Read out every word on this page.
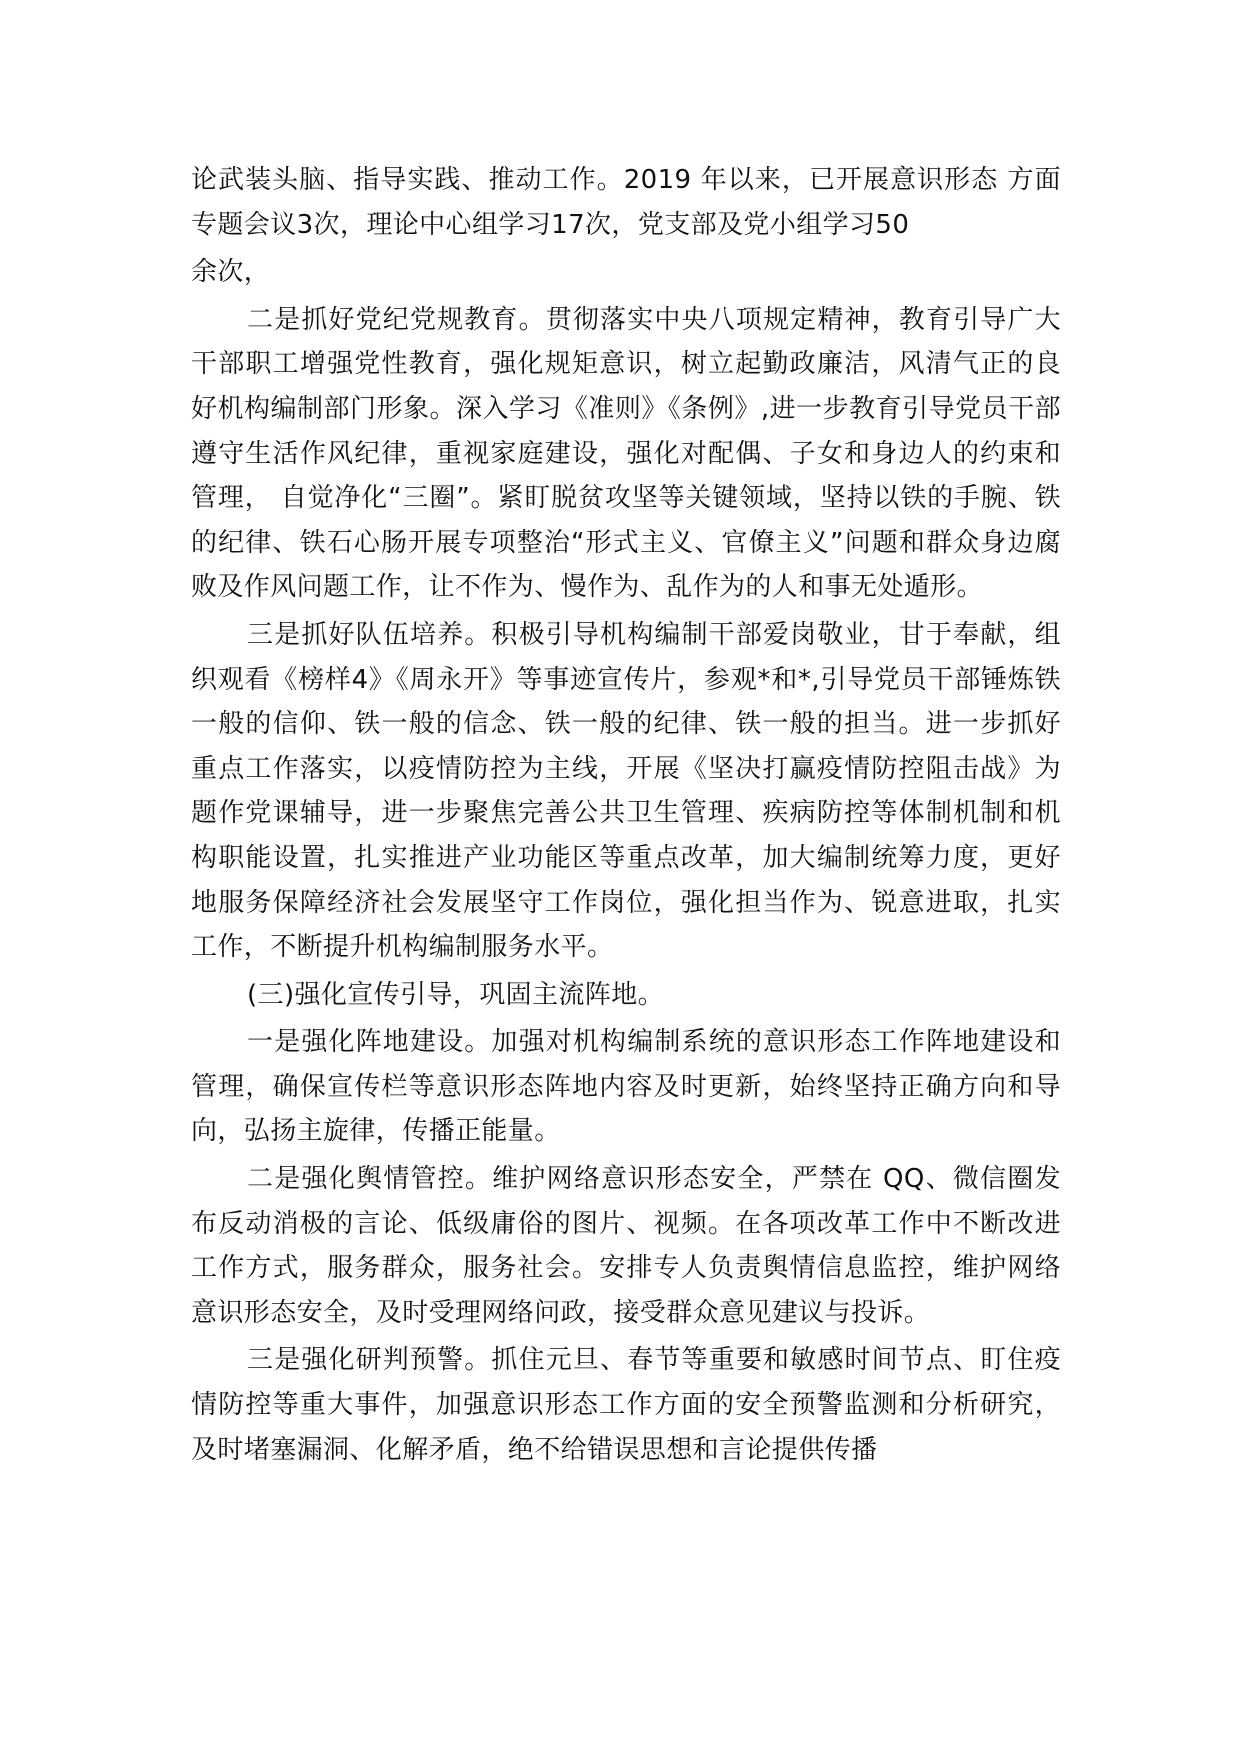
论武装头脑、指导实践、推动工作。2019 年以来，已开展意识形态 方面专题会议3次，理论中心组学习17次，党支部及党小组学习50

余次，

二是抓好党纪党规教育。贯彻落实中央八项规定精神，教育引导广大干部职工增强党性教育，强化规矩意识，树立起勤政廉洁，风清气正的良好机构编制部门形象。深入学习《准则》《条例》,进一步教育引导党员干部遵守生活作风纪律，重视家庭建设，强化对配偶、子女和身边人的约束和管理， 自觉净化“三圈”。紧盯脱贫攻坚等关键领域，坚持以铁的手腕、铁的纪律、铁石心肠开展专项整治“形式主义、官僚主义”问题和群众身边腐败及作风问题工作，让不作为、慢作为、乱作为的人和事无处遁形。

三是抓好队伍培养。积极引导机构编制干部爱岗敬业，甘于奉献，组织观看《榜样4》《周永开》等事迹宣传片，参观*和*,引导党员干部锤炼铁一般的信仰、铁一般的信念、铁一般的纪律、铁一般的担当。进一步抓好重点工作落实，以疫情防控为主线，开展《坚决打赢疫情防控阻击战》为题作党课辅导，进一步聚焦完善公共卫生管理、疾病防控等体制机制和机构职能设置，扎实推进产业功能区等重点改革，加大编制统筹力度，更好地服务保障经济社会发展坚守工作岗位，强化担当作为、锐意进取，扎实工作，不断提升机构编制服务水平。

(三)强化宣传引导，巩固主流阵地。

一是强化阵地建设。加强对机构编制系统的意识形态工作阵地建设和管理，确保宣传栏等意识形态阵地内容及时更新，始终坚持正确方向和导向，弘扬主旋律，传播正能量。

二是强化舆情管控。维护网络意识形态安全，严禁在 QQ、微信圈发布反动消极的言论、低级庸俗的图片、视频。在各项改革工作中不断改进工作方式，服务群众，服务社会。安排专人负责舆情信息监控，维护网络意识形态安全，及时受理网络问政，接受群众意见建议与投诉。

三是强化研判预警。抓住元旦、春节等重要和敏感时间节点、盯住疫情防控等重大事件，加强意识形态工作方面的安全预警监测和分析研究，及时堵塞漏洞、化解矛盾，绝不给错误思想和言论提供传播
